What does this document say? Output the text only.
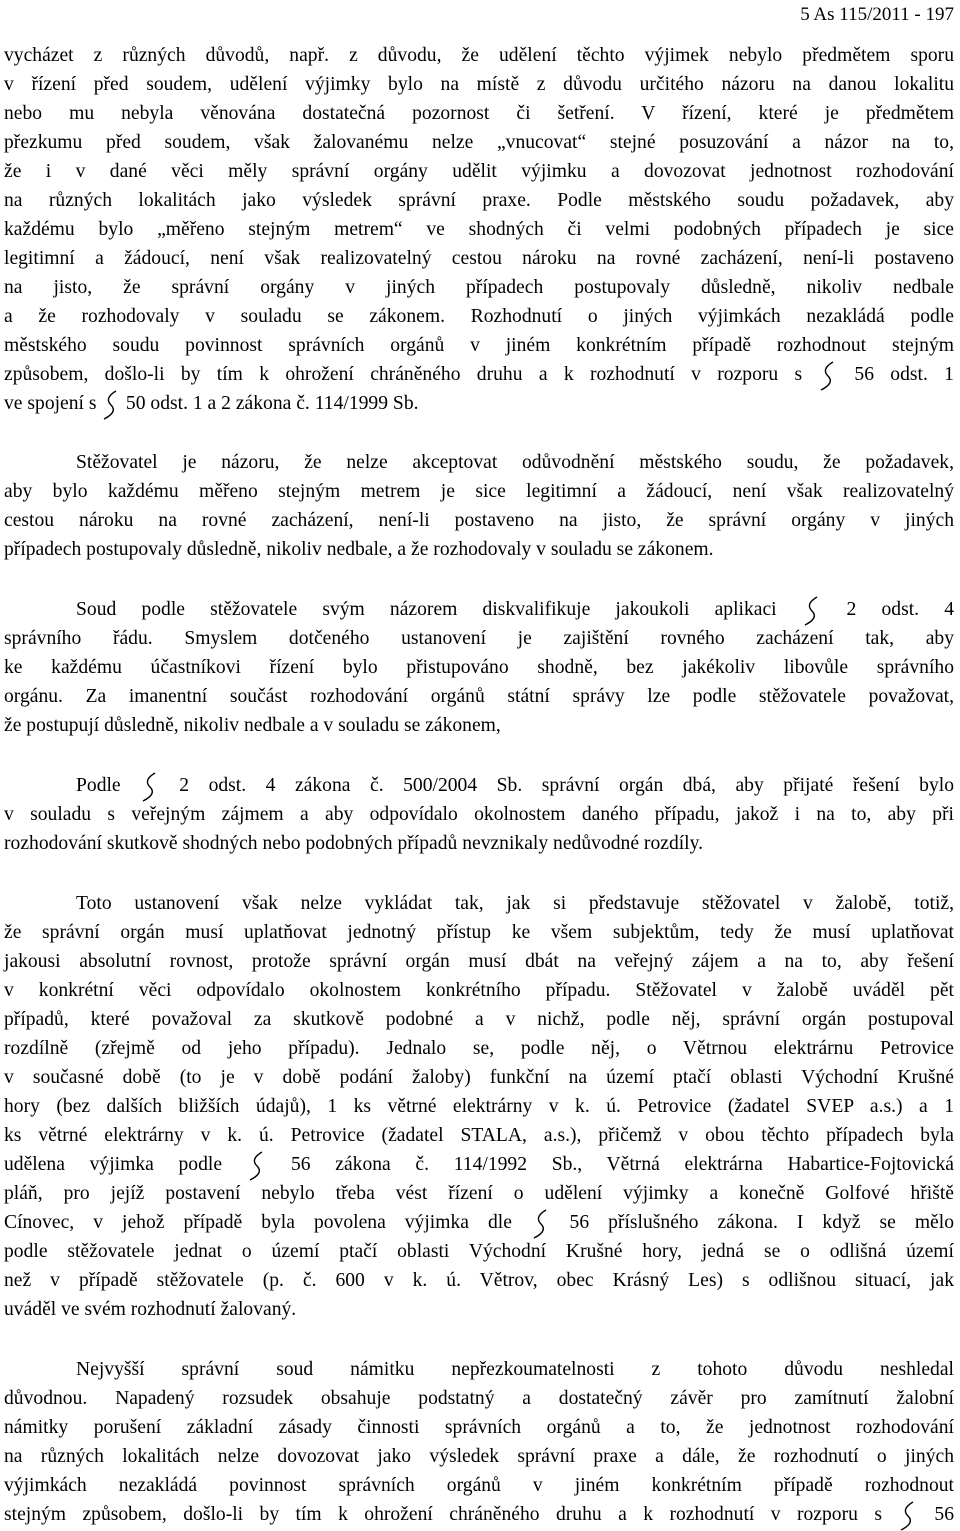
5 As 115/2011 - 197
vycházet z různých důvodů, např. z důvodu, že udělení těchto výjimek nebylo předmětem sporu
v řízení před soudem, udělení výjimky bylo na místě z důvodu určitého názoru na danou lokalitu
nebo mu nebyla věnována dostatečná pozornost či šetření. V řízení, které je předmětem
přezkumu před soudem, však žalovanému nelze „vnucovat“ stejné posuzování a názor na to,
že i v dané věci měly správní orgány udělit výjimku a dovozovat jednotnost rozhodování
na různých lokalitách jako výsledek správní praxe. Podle městského soudu požadavek, aby
každému bylo „měřeno stejným metrem“ ve shodných či velmi podobných případech je sice
legitimní a žádoucí, není však realizovatelný cestou nároku na rovné zacházení, není-li postaveno
na jisto, že správní orgány v jiných případech postupovaly důsledně, nikoliv nedbale
a že rozhodovaly v souladu se zákonem. Rozhodnutí o jiných výjimkách nezakládá podle
městského soudu povinnost správních orgánů v jiném konkrétním případě rozhodnout stejným
způsobem, došlo-li by tím k ohrožení chráněného druhu a k rozhodnutí v rozporu s
56 odst. 1
ve spojení s
50 odst. 1 a 2 zákona č. 114/1999 Sb.
Stěžovatel je názoru, že nelze akceptovat odůvodnění městského soudu, že požadavek,
aby bylo každému měřeno stejným metrem je sice legitimní a žádoucí, není však realizovatelný
cestou nároku na rovné zacházení, není-li postaveno na jisto, že správní orgány v jiných
případech postupovaly důsledně, nikoliv nedbale, a že rozhodovaly v souladu se zákonem.
Soud podle stěžovatele svým názorem diskvalifikuje jakoukoli aplikaci
2 odst. 4
správního řádu. Smyslem dotčeného ustanovení je zajištění rovného zacházení tak, aby
ke každému účastníkovi řízení bylo přistupováno shodně, bez jakékoliv libovůle správního
orgánu. Za imanentní součást rozhodování orgánů státní správy lze podle stěžovatele považovat,
že postupují důsledně, nikoliv nedbale a v souladu se zákonem,
Podle
2 odst. 4 zákona č. 500/2004 Sb. správní orgán dbá, aby přijaté řešení bylo
v souladu s veřejným zájmem a aby odpovídalo okolnostem daného případu, jakož i na to, aby při
rozhodování skutkově shodných nebo podobných případů nevznikaly nedůvodné rozdíly.
Toto ustanovení však nelze vykládat tak, jak si představuje stěžovatel v žalobě, totiž,
že správní orgán musí uplatňovat jednotný přístup ke všem subjektům, tedy že musí uplatňovat
jakousi absolutní rovnost, protože správní orgán musí dbát na veřejný zájem a na to, aby řešení
v konkrétní věci odpovídalo okolnostem konkrétního případu. Stěžovatel v žalobě uváděl pět
případů, které považoval za skutkově podobné a v nichž, podle něj, správní orgán postupoval
rozdílně (zřejmě od jeho případu). Jednalo se, podle něj, o Větrnou elektrárnu Petrovice
v současné době (to je v době podání žaloby) funkční na území ptačí oblasti Východní Krušné
hory (bez dalších bližších údajů), 1 ks větrné elektrárny v k. ú. Petrovice (žadatel SVEP a.s.) a 1
ks větrné elektrárny v k. ú. Petrovice (žadatel STALA, a.s.), přičemž v obou těchto případech byla
udělena výjimka podle
56 zákona č. 114/1992 Sb., Větrná elektrárna Habartice-Fojtovická
pláň, pro jejíž postavení nebylo třeba vést řízení o udělení výjimky a konečně Golfové hřiště
Cínovec, v jehož případě byla povolena výjimka dle
56 příslušného zákona. I když se mělo
podle stěžovatele jednat o území ptačí oblasti Východní Krušné hory, jedná se o odlišná území
než v případě stěžovatele (p. č. 600 v k. ú. Větrov, obec Krásný Les) s odlišnou situací, jak
uváděl ve svém rozhodnutí žalovaný.
Nejvyšší správní soud námitku nepřezkoumatelnosti z tohoto důvodu neshledal
důvodnou. Napadený rozsudek obsahuje podstatný a dostatečný závěr pro zamítnutí žalobní
námitky porušení základní zásady činnosti správních orgánů a to, že jednotnost rozhodování
na různých lokalitách nelze dovozovat jako výsledek správní praxe a dále, že rozhodnutí o jiných
výjimkách nezakládá povinnost správních orgánů v jiném konkrétním případě rozhodnout
stejným způsobem, došlo-li by tím k ohrožení chráněného druhu a k rozhodnutí v rozporu s
56
